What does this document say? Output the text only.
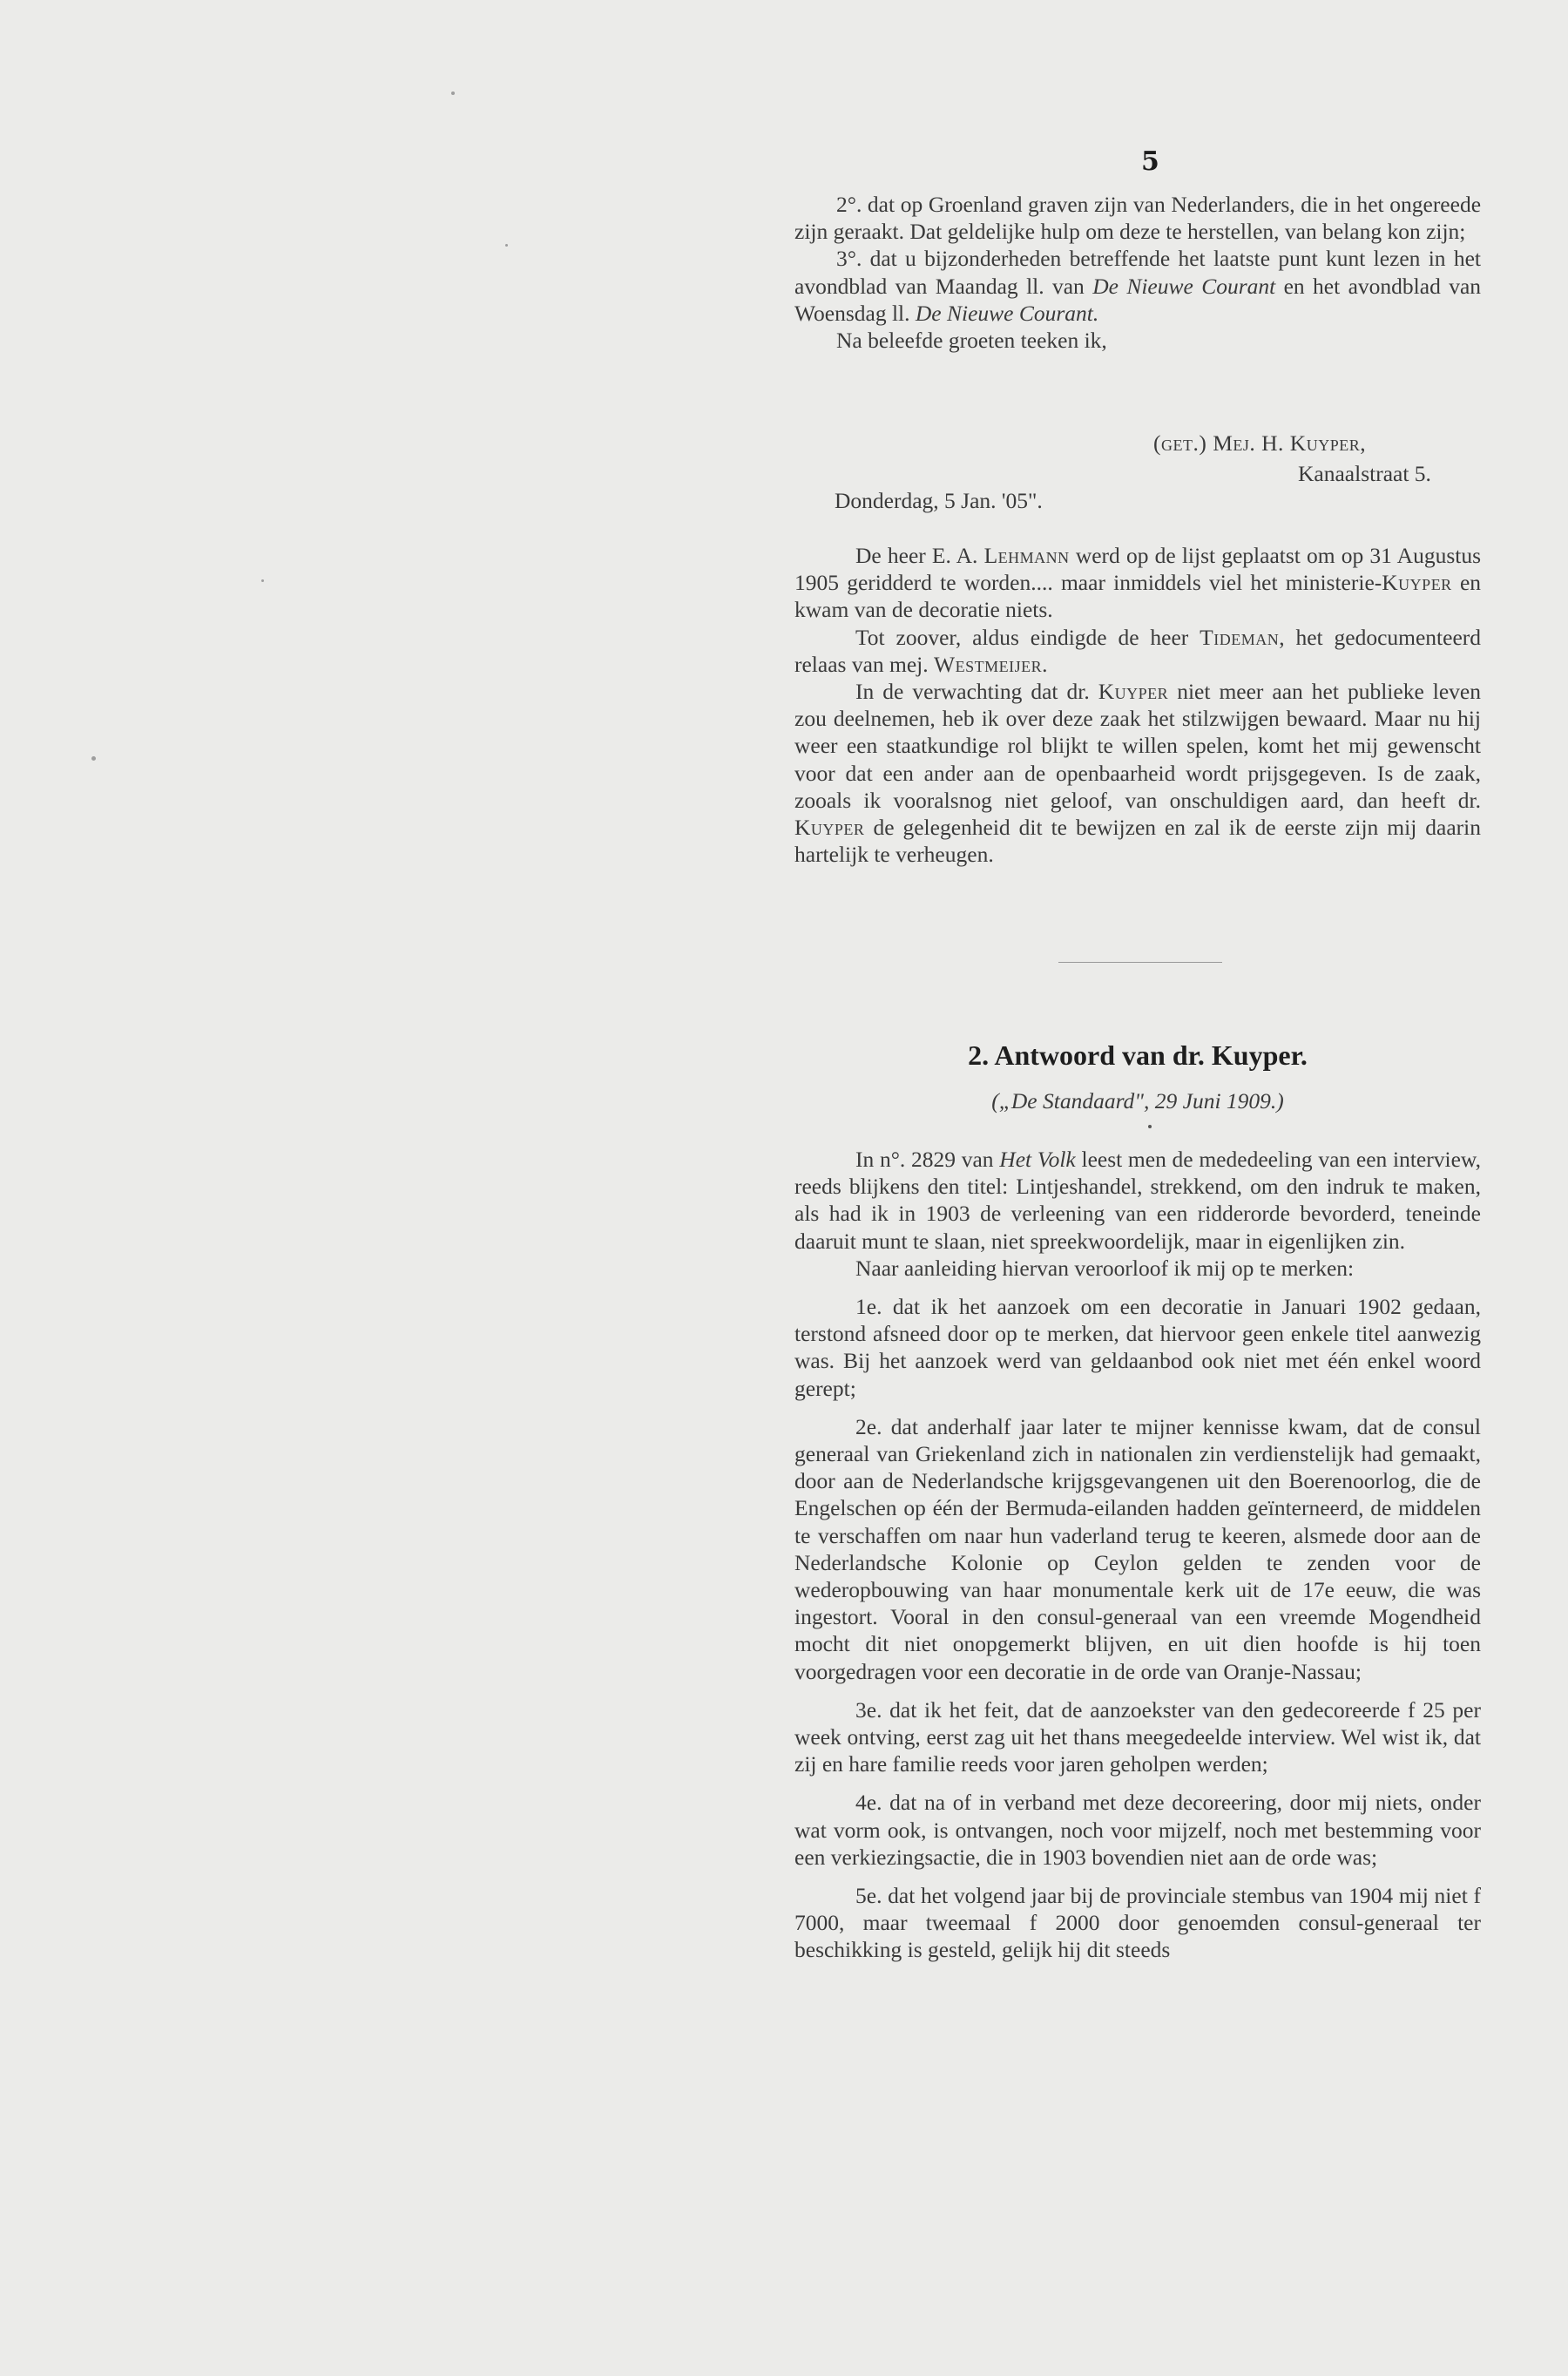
5

2°. dat op Groenland graven zijn van Nederlanders, die in het ongereede zijn geraakt. Dat geldelijke hulp om deze te herstellen, van belang kon zijn;

3°. dat u bijzonderheden betreffende het laatste punt kunt lezen in het avondblad van Maandag ll. van De Nieuwe Courant en het avondblad van Woensdag ll. De Nieuwe Courant.

Na beleefde groeten teeken ik,

(get.) Mej. H. Kuyper,
Kanaalstraat 5.
Donderdag, 5 Jan. '05".

De heer E. A. Lehmann werd op de lijst geplaatst om op 31 Augustus 1905 geridderd te worden.... maar inmiddels viel het ministerie-Kuyper en kwam van de decoratie niets.

Tot zoover, aldus eindigde de heer Tideman, het gedocumenteerd relaas van mej. Westmeijer.

In de verwachting dat dr. Kuyper niet meer aan het publieke leven zou deelnemen, heb ik over deze zaak het stilzwijgen bewaard. Maar nu hij weer een staatkundige rol blijkt te willen spelen, komt het mij gewenscht voor dat een ander aan de openbaarheid wordt prijsgegeven. Is de zaak, zooals ik vooralsnog niet geloof, van onschuldigen aard, dan heeft dr. Kuyper de gelegenheid dit te bewijzen en zal ik de eerste zijn mij daarin hartelijk te verheugen.

2. Antwoord van dr. Kuyper.
(„De Standaard", 29 Juni 1909.)

In n°. 2829 van Het Volk leest men de mededeeling van een interview, reeds blijkens den titel: Lintjeshandel, strekkend, om den indruk te maken, als had ik in 1903 de verleening van een ridderorde bevorderd, teneinde daaruit munt te slaan, niet spreekwoordelijk, maar in eigenlijken zin.

Naar aanleiding hiervan veroorloof ik mij op te merken:

1e. dat ik het aanzoek om een decoratie in Januari 1902 gedaan, terstond afsneed door op te merken, dat hiervoor geen enkele titel aanwezig was. Bij het aanzoek werd van geldaanbod ook niet met één enkel woord gerept;

2e. dat anderhalf jaar later te mijner kennisse kwam, dat de consul generaal van Griekenland zich in nationalen zin verdienstelijk had gemaakt, door aan de Nederlandsche krijgsgevangenen uit den Boerenoorlog, die de Engelschen op één der Bermuda-eilanden hadden geïnterneerd, de middelen te verschaffen om naar hun vaderland terug te keeren, alsmede door aan de Nederlandsche Kolonie op Ceylon gelden te zenden voor de wederopbouwing van haar monumentale kerk uit de 17e eeuw, die was ingestort. Vooral in den consul-generaal van een vreemde Mogendheid mocht dit niet onopgemerkt blijven, en uit dien hoofde is hij toen voorgedragen voor een decoratie in de orde van Oranje-Nassau;

3e. dat ik het feit, dat de aanzoekster van den gedecoreerde f 25 per week ontving, eerst zag uit het thans meegedeelde interview. Wel wist ik, dat zij en hare familie reeds voor jaren geholpen werden;

4e. dat na of in verband met deze decoreering, door mij niets, onder wat vorm ook, is ontvangen, noch voor mijzelf, noch met bestemming voor een verkiezingsactie, die in 1903 bovendien niet aan de orde was;

5e. dat het volgend jaar bij de provinciale stembus van 1904 mij niet f 7000, maar tweemaal f 2000 door genoemden consul-generaal ter beschikking is gesteld, gelijk hij dit steeds
